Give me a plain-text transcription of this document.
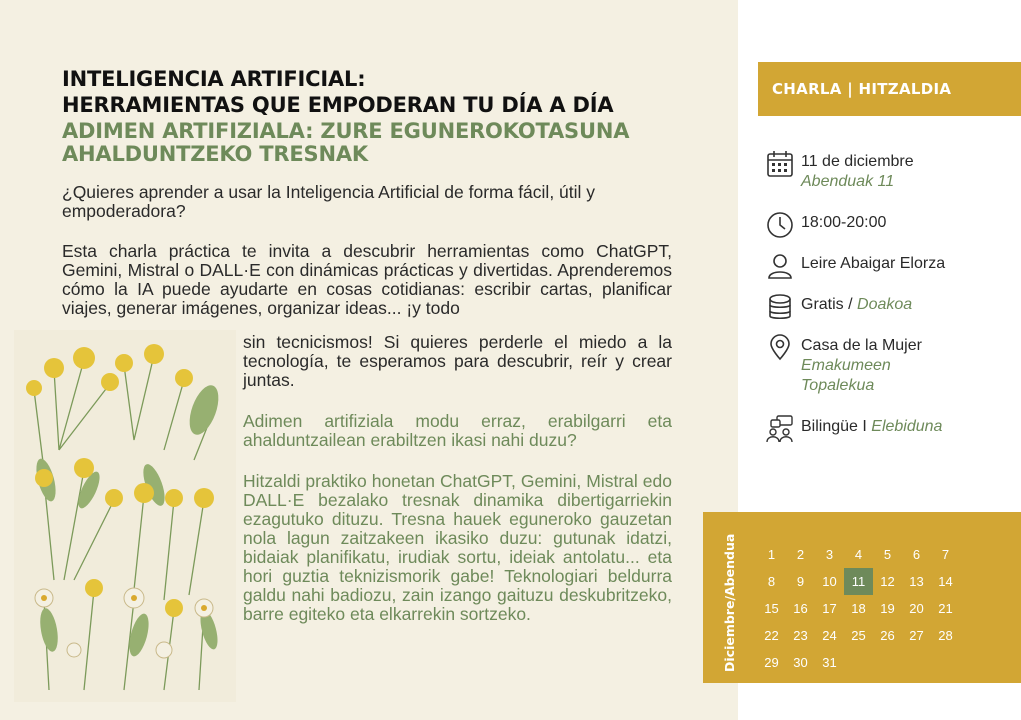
INTELIGENCIA ARTIFICIAL:
HERRAMIENTAS QUE EMPODERAN TU DÍA A DÍA
ADIMEN ARTIFIZIALA: ZURE EGUNEROKOTASUNA
AHALDUNTZEKO TRESNAK
¿Quieres aprender a usar la Inteligencia Artificial de forma fácil, útil y empoderadora?
Esta charla práctica te invita a descubrir herramientas como ChatGPT, Gemini, Mistral o DALL·E con dinámicas prácticas y divertidas. Aprenderemos cómo la IA puede ayudarte en cosas cotidianas: escribir cartas, planificar viajes, generar imágenes, organizar ideas... ¡y todo
sin tecnicismos! Si quieres perderle el miedo a la tecnología, te esperamos para descubrir, reír y crear juntas.
Adimen artifiziala modu erraz, erabilgarri eta ahalduntzailean erabiltzen ikasi nahi duzu?
Hitzaldi praktiko honetan ChatGPT, Gemini, Mistral edo DALL·E bezalako tresnak dinamika dibertigarriekin ezagutuko dituzu. Tresna hauek eguneroko gauzetan nola lagun zaitzakeen ikasiko duzu: gutunak idatzi, bidaiak planifikatu, irudiak sortu, ideiak antolatu... eta hori guztia teknizismorik gabe! Teknologiari beldurra galdu nahi badiozu, zain izango gaituzu deskubritzeko, barre egiteko eta elkarrekin sortzeko.
CHARLA | HITZALDIA
11 de diciembre
Abenduak 11
18:00-20:00
Leire Abaigar Elorza
Gratis / Doakoa
Casa de la Mujer
Emakumeen
Topalekua
Bilingüe I Elebiduna
Diciembre/Abendua	1	2	3	4	5	6	7
8	9	10	11	12	13	14
15	16	17	18	19	20	21
22	23	24	25	26	27	28
29	30	31
